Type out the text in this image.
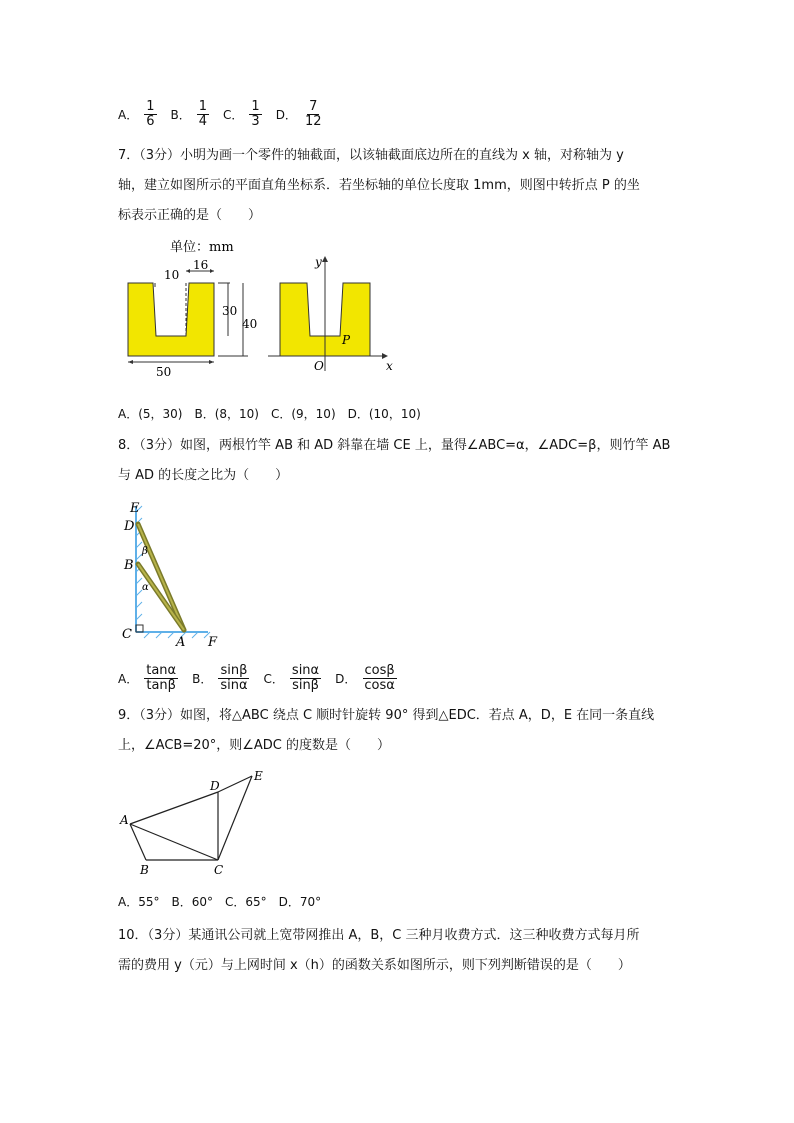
A． $\frac{1}{6}$ B． $\frac{1}{4}$ C． $\frac{1}{3}$ D． $\frac{7}{12}$
7．（3分）小明为画一个零件的轴截面，以该轴截面底边所在的直线为 x 轴，对称轴为 y
轴，建立如图所示的平面直角坐标系．若坐标轴的单位长度取 1mm，则图中转折点 P 的坐
标表示正确的是（　　）
单位：mm
10
16
30
40
50
y
x
O
P
A．(5，30)　B．(8，10)　C．(9，10)　D．(10，10)
8．（3分）如图，两根竹竿 AB 和 AD 斜靠在墙 CE 上，量得∠ABC=α，∠ADC=β，则竹竿 AB
与 AD 的长度之比为（　　）
E
D
B
C
A F
β
α
A． $\frac{\tan\alpha}{\tan\beta}$ B． $\frac{\sin\beta}{\sin\alpha}$ C． $\frac{\sin\alpha}{\sin\beta}$ D． $\frac{\cos\beta}{\cos\alpha}$
9．（3分）如图，将△ABC 绕点 C 顺时针旋转 90° 得到△EDC．若点 A，D，E 在同一条直线
上，∠ACB=20°，则∠ADC 的度数是（　　）
A
B	C
D
E
A．55°　B．60°　C．65°　D．70°
10．（3分）某通讯公司就上宽带网推出 A，B，C 三种月收费方式．这三种收费方式每月所
需的费用 y（元）与上网时间 x（h）的函数关系如图所示，则下列判断错误的是（　　）
